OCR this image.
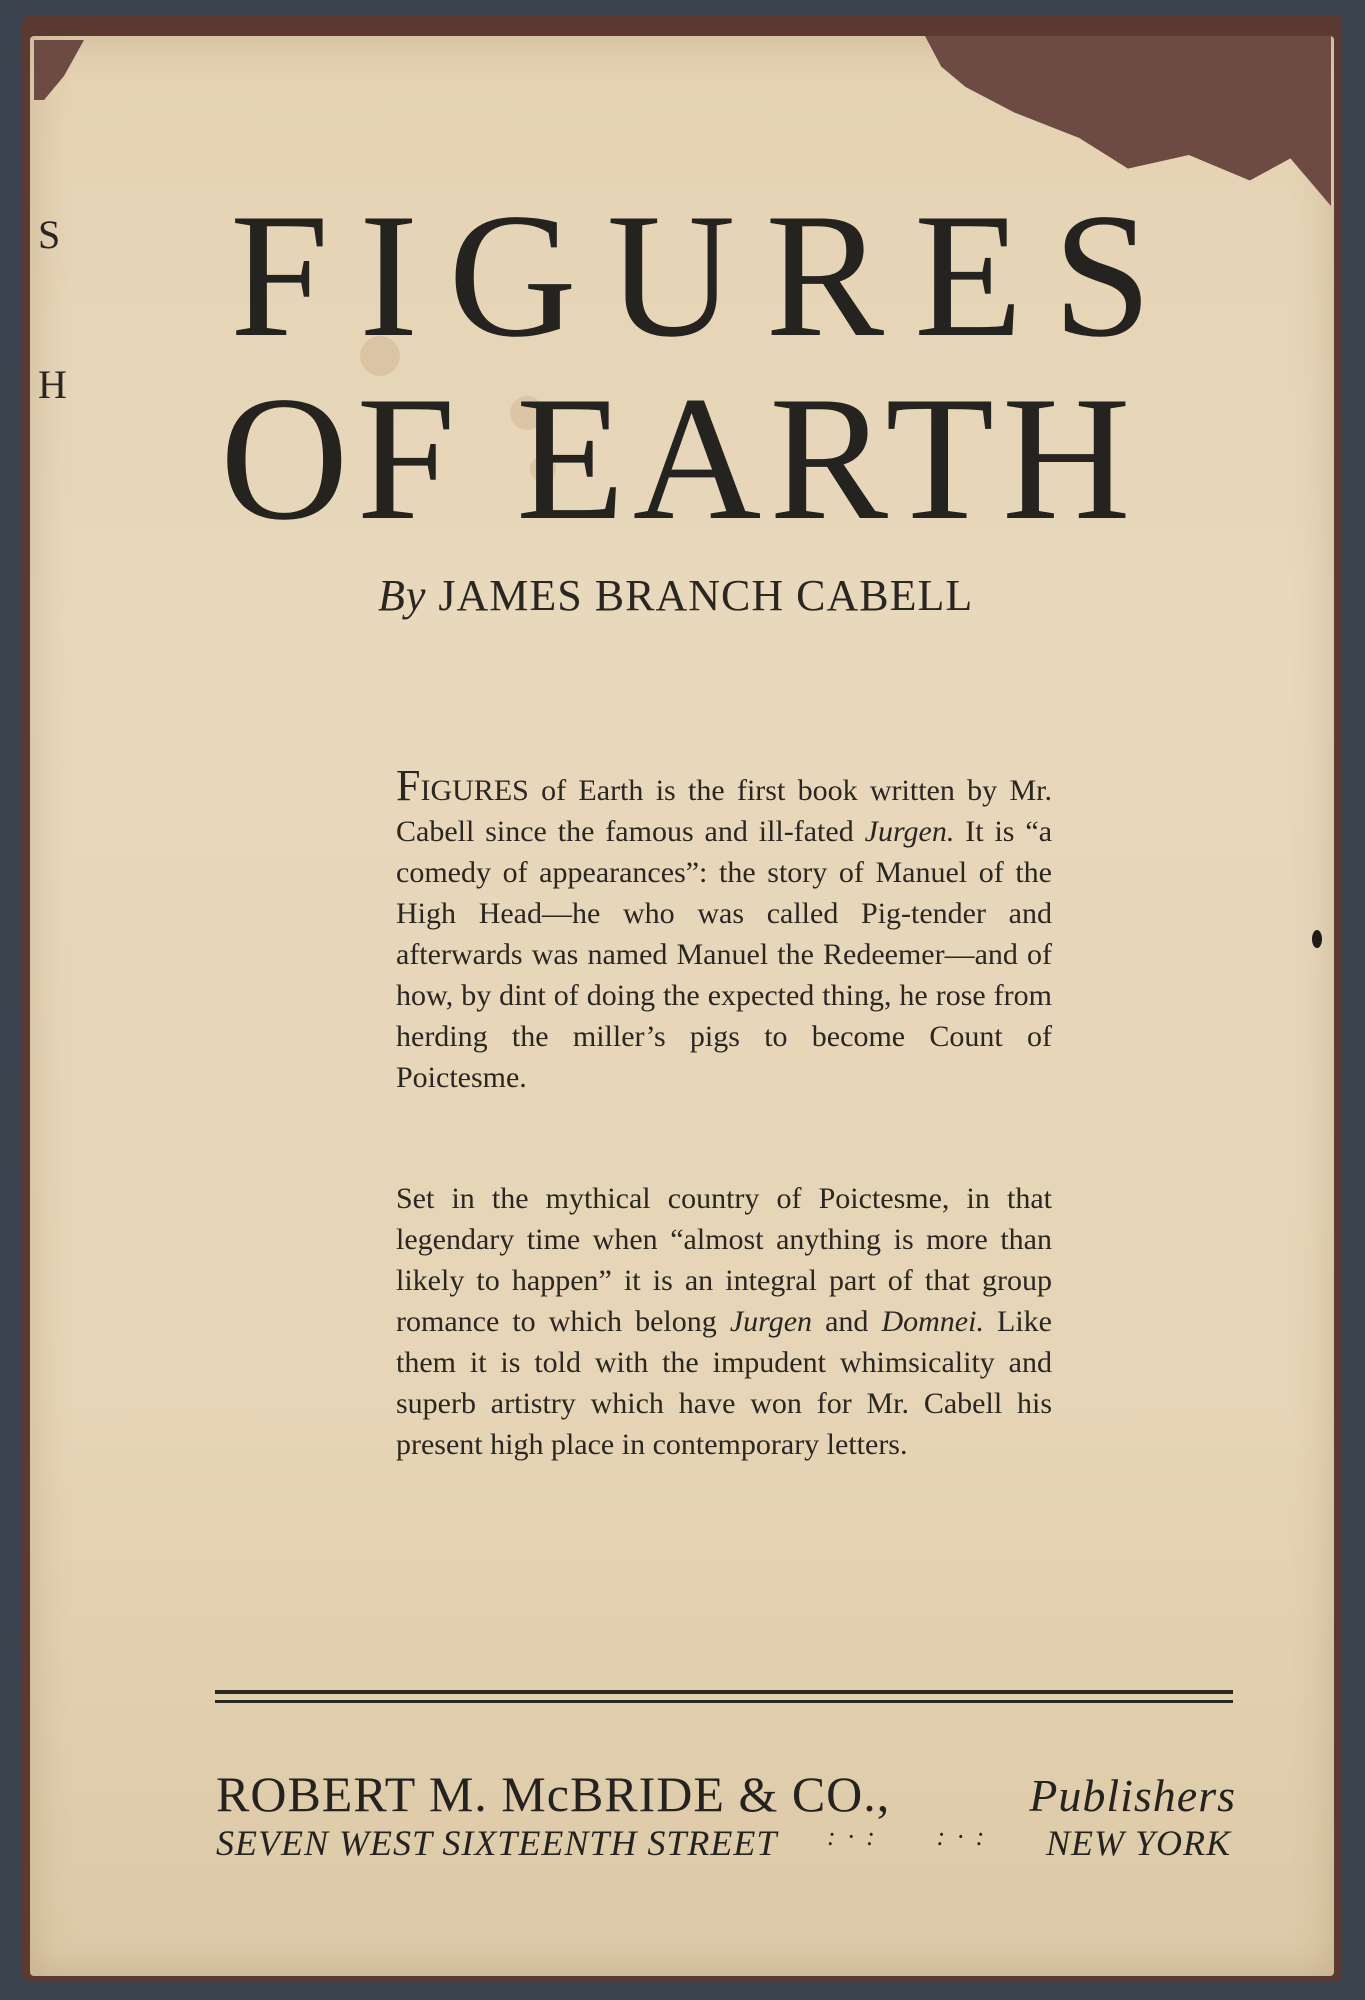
S
H
FIGURES
OF EARTH
By JAMES BRANCH CABELL

FIGURES of Earth is the first book written by Mr. Cabell since the famous and ill-fated Jurgen. It is “a comedy of appearances”: the story of Manuel of the High Head—he who was called Pig-tender and afterwards was named Manuel the Redeemer—and of how, by dint of doing the expected thing, he rose from herding the miller’s pigs to become Count of Poictesme.

Set in the mythical country of Poictesme, in that legendary time when “almost anything is more than likely to happen” it is an integral part of that group romance to which belong Jurgen and Domnei. Like them it is told with the impudent whimsicality and superb artistry which have won for Mr. Cabell his present high place in contemporary letters.

ROBERT M. McBRIDE & CO.,	Publishers
SEVEN WEST SIXTEENTH STREET :·: :·: NEW YORK
